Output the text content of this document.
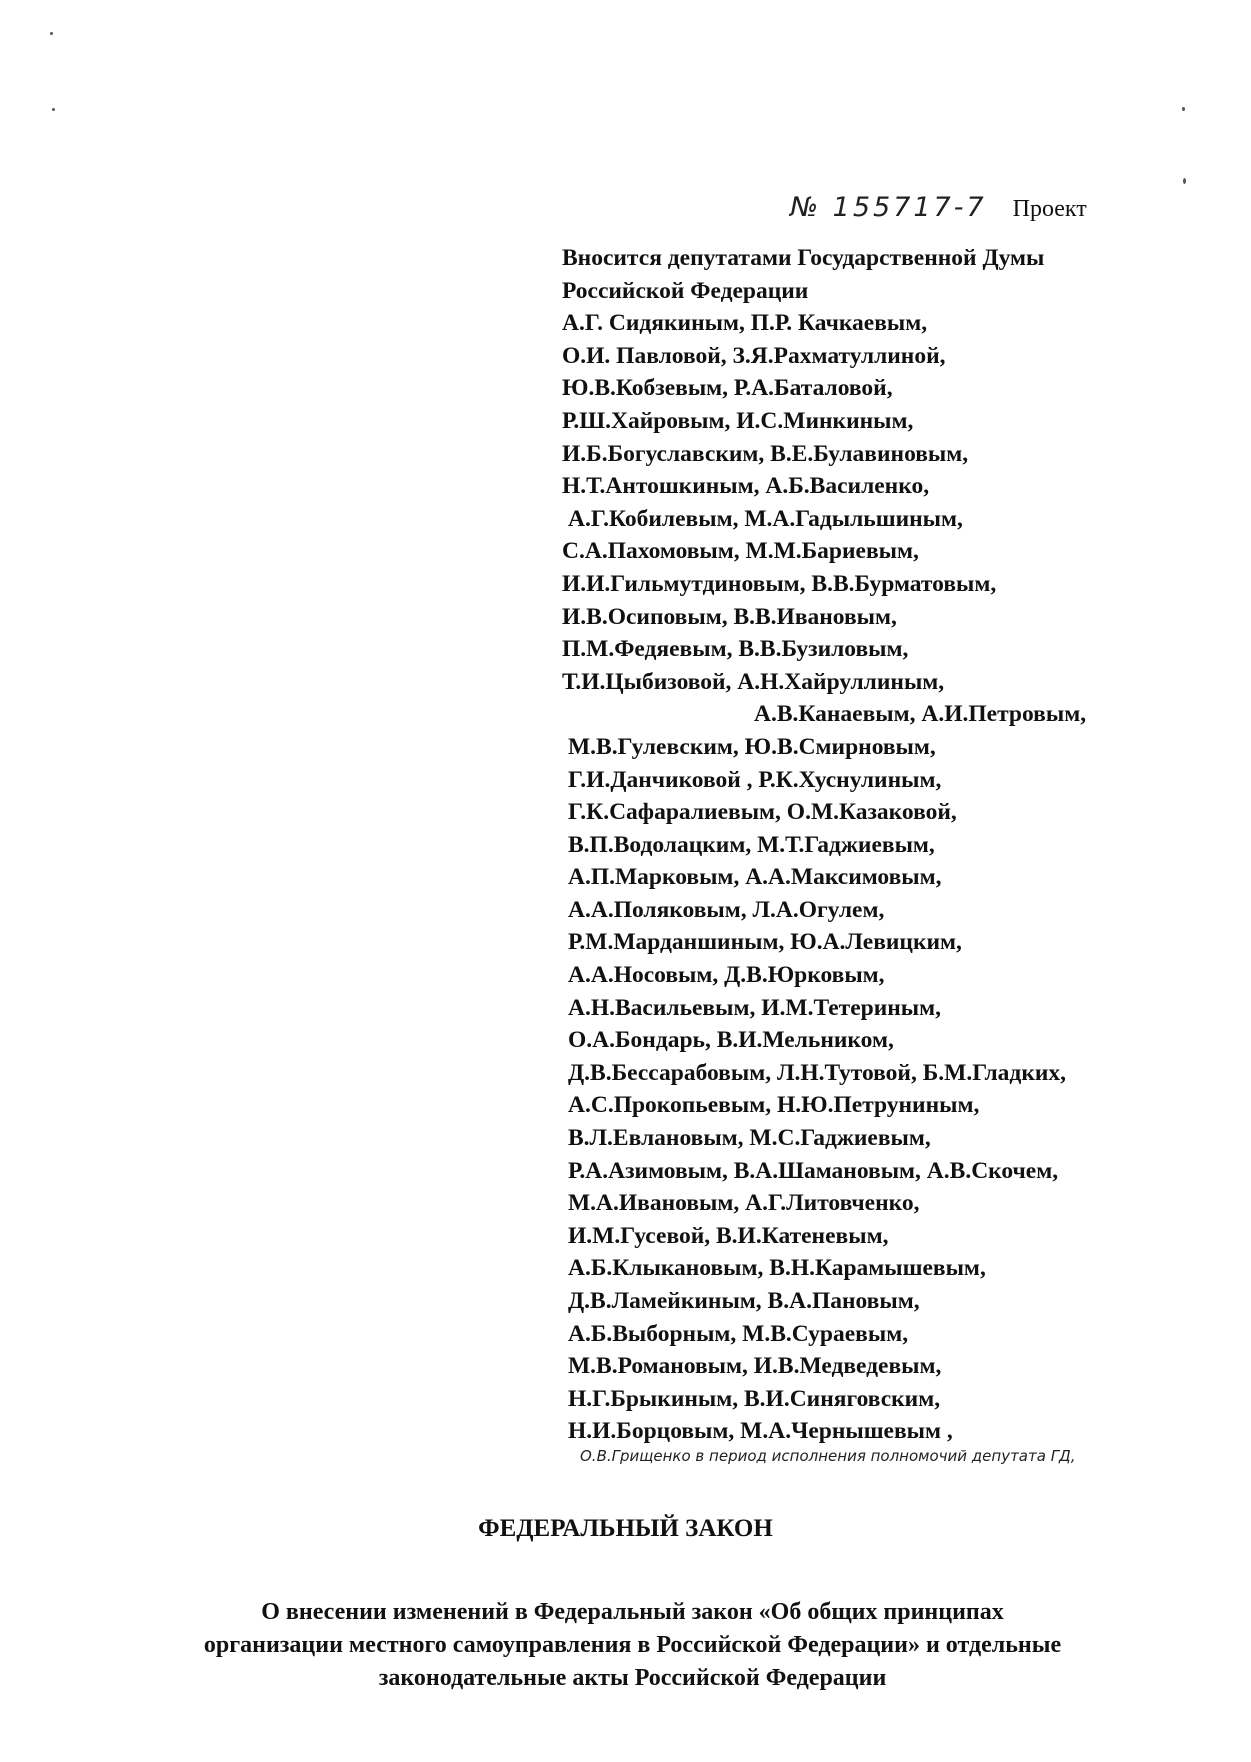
№ 155717-7 Проект
Вносится депутатами Государственной Думы
Российской Федерации
А.Г. Сидякиным, П.Р. Качкаевым,
О.И. Павловой, З.Я.Рахматуллиной,
Ю.В.Кобзевым, Р.А.Баталовой,
Р.Ш.Хайровым, И.С.Минкиным,
И.Б.Богуславским, В.Е.Булавиновым,
Н.Т.Антошкиным, А.Б.Василенко,
А.Г.Кобилевым, М.А.Гадыльшиным,
С.А.Пахомовым, М.М.Бариевым,
И.И.Гильмутдиновым, В.В.Бурматовым,
И.В.Осиповым, В.В.Ивановым,
П.М.Федяевым, В.В.Бузиловым,
Т.И.Цыбизовой, А.Н.Хайруллиным,
А.В.Канаевым, А.И.Петровым,
М.В.Гулевским, Ю.В.Смирновым,
Г.И.Данчиковой , Р.К.Хуснулиным,
Г.К.Сафаралиевым, О.М.Казаковой,
В.П.Водолацким, М.Т.Гаджиевым,
А.П.Марковым, А.А.Максимовым,
А.А.Поляковым, Л.А.Огулем,
Р.М.Марданшиным, Ю.А.Левицким,
А.А.Носовым, Д.В.Юрковым,
А.Н.Васильевым, И.М.Тетериным,
О.А.Бондарь, В.И.Мельником,
Д.В.Бессарабовым, Л.Н.Тутовой, Б.М.Гладких,
А.С.Прокопьевым, Н.Ю.Петруниным,
В.Л.Евлановым, М.С.Гаджиевым,
Р.А.Азимовым, В.А.Шамановым, А.В.Скочем,
М.А.Ивановым, А.Г.Литовченко,
И.М.Гусевой, В.И.Катеневым,
А.Б.Клыкановым, В.Н.Карамышевым,
Д.В.Ламейкиным, В.А.Пановым,
А.Б.Выборным, М.В.Сураевым,
М.В.Романовым, И.В.Медведевым,
Н.Г.Брыкиным, В.И.Синяговским,
Н.И.Борцовым, М.А.Чернышевым ,
О.В.Грищенко в период исполнения полномочий депутата ГД,
ФЕДЕРАЛЬНЫЙ ЗАКОН
О внесении изменений в Федеральный закон «Об общих принципах
организации местного самоуправления в Российской Федерации» и отдельные
законодательные акты Российской Федерации
